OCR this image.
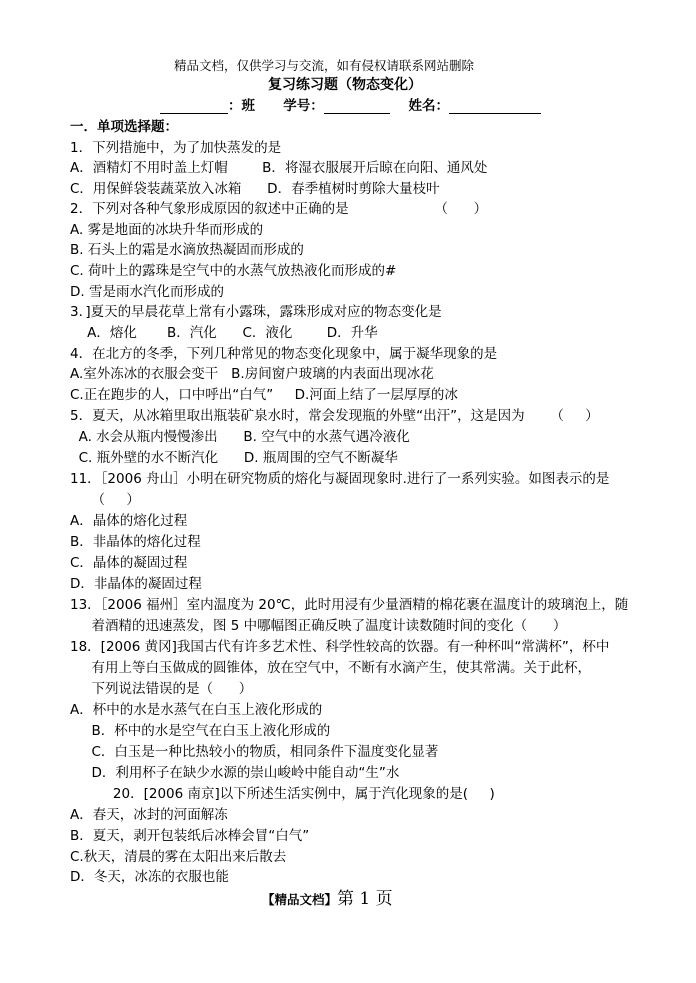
精品文档，仅供学习与交流，如有侵权请联系网站删除
复习练习题（物态变化）
：班 学号：	姓名：
一．单项选择题：
1．下列措施中，为了加快蒸发的是
A．酒精灯不用时盖上灯帽        B．将湿衣服展开后晾在向阳、通风处
C．用保鲜袋装蔬菜放入冰箱      D．春季植树时剪除大量枝叶
2．下列对各种气象形成原因的叙述中正确的是                    （      ）
A. 雾是地面的冰块升华而形成的
B. 石头上的霜是水滴放热凝固而形成的
C. 荷叶上的露珠是空气中的水蒸气放热液化而形成的#
D. 雪是雨水汽化而形成的
3．]夏天的早晨花草上常有小露珠，露珠形成对应的物态变化是
A．熔化       B．汽化      C．液化        D．升华
4．在北方的冬季，下列几种常见的物态变化现象中，属于凝华现象的是
A.室外冻冰的衣服会变干   B.房间窗户玻璃的内表面出现冰花
C.正在跑步的人，口中呼出“白气”     D.河面上结了一层厚厚的冰
5．夏天，从冰箱里取出瓶装矿泉水时，常会发现瓶的外壁“出汗”，这是因为      （     ）
A. 水会从瓶内慢慢渗出      B. 空气中的水蒸气遇冷液化
C. 瓶外壁的水不断汽化      D. 瓶周围的空气不断凝华
11．［2006 舟山］小明在研究物质的熔化与凝固现象时.进行了一系列实验。如图表示的是
（     ）
A．晶体的熔化过程
B．非晶体的熔化过程
C．晶体的凝固过程
D．非晶体的凝固过程
13．［2006 福州］室内温度为 20℃，此时用浸有少量酒精的棉花裹在温度计的玻璃泡上，随
着酒精的迅速蒸发，图 5 中哪幅图正确反映了温度计读数随时间的变化（      ）
18．[2006 黄冈]我国古代有许多艺术性、科学性较高的饮器。有一种杯叫“常满杯”，杯中
有用上等白玉做成的圆锥体，放在空气中，不断有水滴产生，使其常满。关于此杯，
下列说法错误的是（      ）
A．杯中的水是水蒸气在白玉上液化形成的
B．杯中的水是空气在白玉上液化形成的
C．白玉是一种比热较小的物质，相同条件下温度变化显著
D．利用杯子在缺少水源的崇山峻岭中能自动“生”水
20．[2006 南京]以下所述生活实例中，属于汽化现象的是(     )
A．春天，冰封的河面解冻
B．夏天，剥开包装纸后冰棒会冒“白气”
C.秋天，清晨的雾在太阳出来后散去
D．冬天，冰冻的衣服也能
【精品文档】第 1 页
